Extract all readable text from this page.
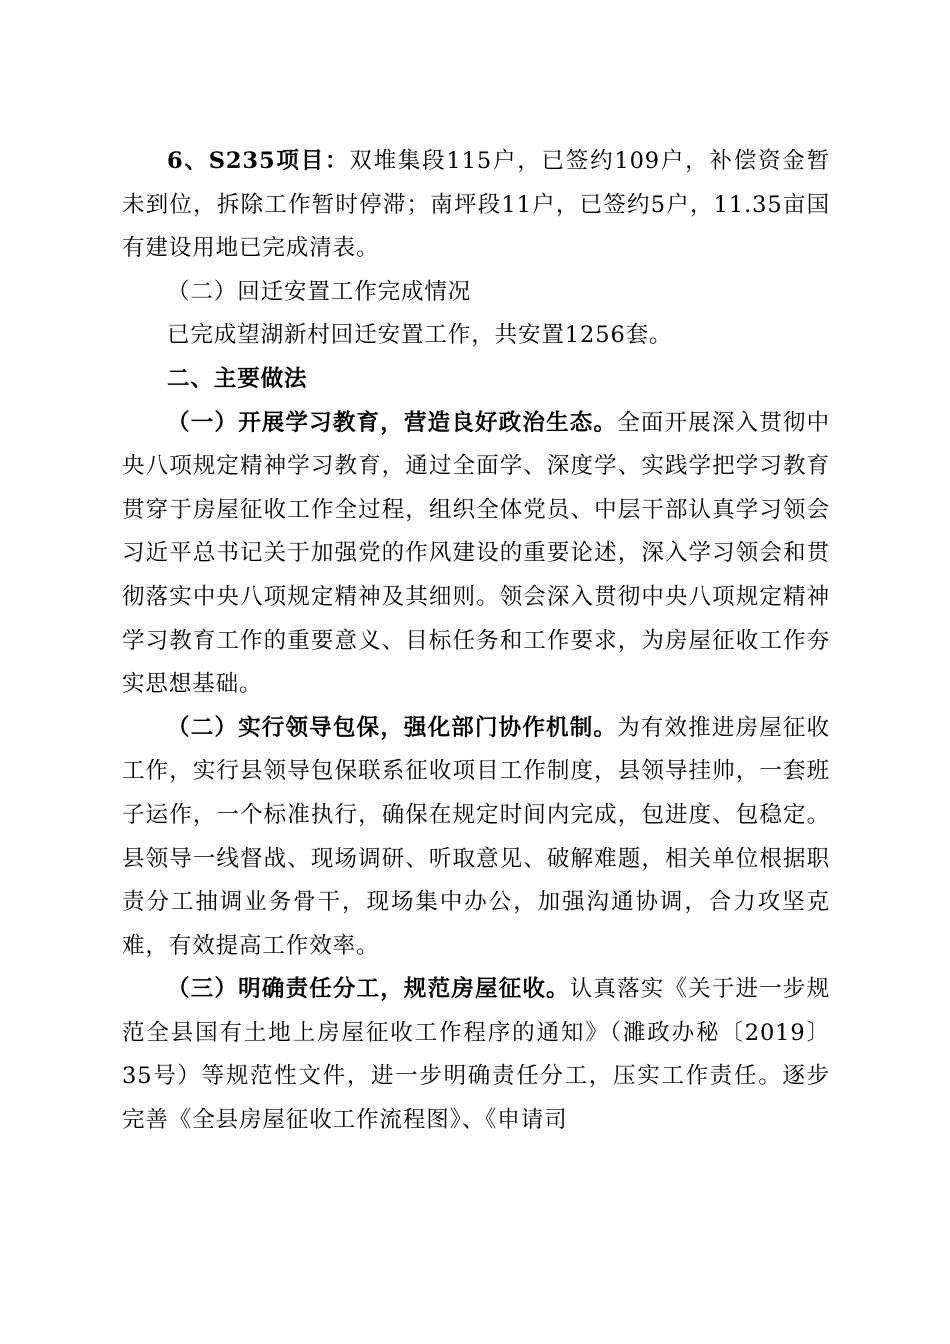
6、S235项目：双堆集段115户，已签约109户，补偿资金暂未到位，拆除工作暂时停滞；南坪段11户，已签约5户，11.35亩国有建设用地已完成清表。

（二）回迁安置工作完成情况

已完成望湖新村回迁安置工作，共安置1256套。

二、主要做法

（一）开展学习教育，营造良好政治生态。全面开展深入贯彻中央八项规定精神学习教育，通过全面学、深度学、实践学把学习教育贯穿于房屋征收工作全过程，组织全体党员、中层干部认真学习领会习近平总书记关于加强党的作风建设的重要论述，深入学习领会和贯彻落实中央八项规定精神及其细则。领会深入贯彻中央八项规定精神学习教育工作的重要意义、目标任务和工作要求，为房屋征收工作夯实思想基础。

（二）实行领导包保，强化部门协作机制。为有效推进房屋征收工作，实行县领导包保联系征收项目工作制度，县领导挂帅，一套班子运作，一个标准执行，确保在规定时间内完成，包进度、包稳定。县领导一线督战、现场调研、听取意见、破解难题，相关单位根据职责分工抽调业务骨干，现场集中办公，加强沟通协调，合力攻坚克难，有效提高工作效率。

（三）明确责任分工，规范房屋征收。认真落实《关于进一步规范全县国有土地上房屋征收工作程序的通知》（濉政办秘〔2019〕35号）等规范性文件，进一步明确责任分工，压实工作责任。逐步完善《全县房屋征收工作流程图》、《申请司
